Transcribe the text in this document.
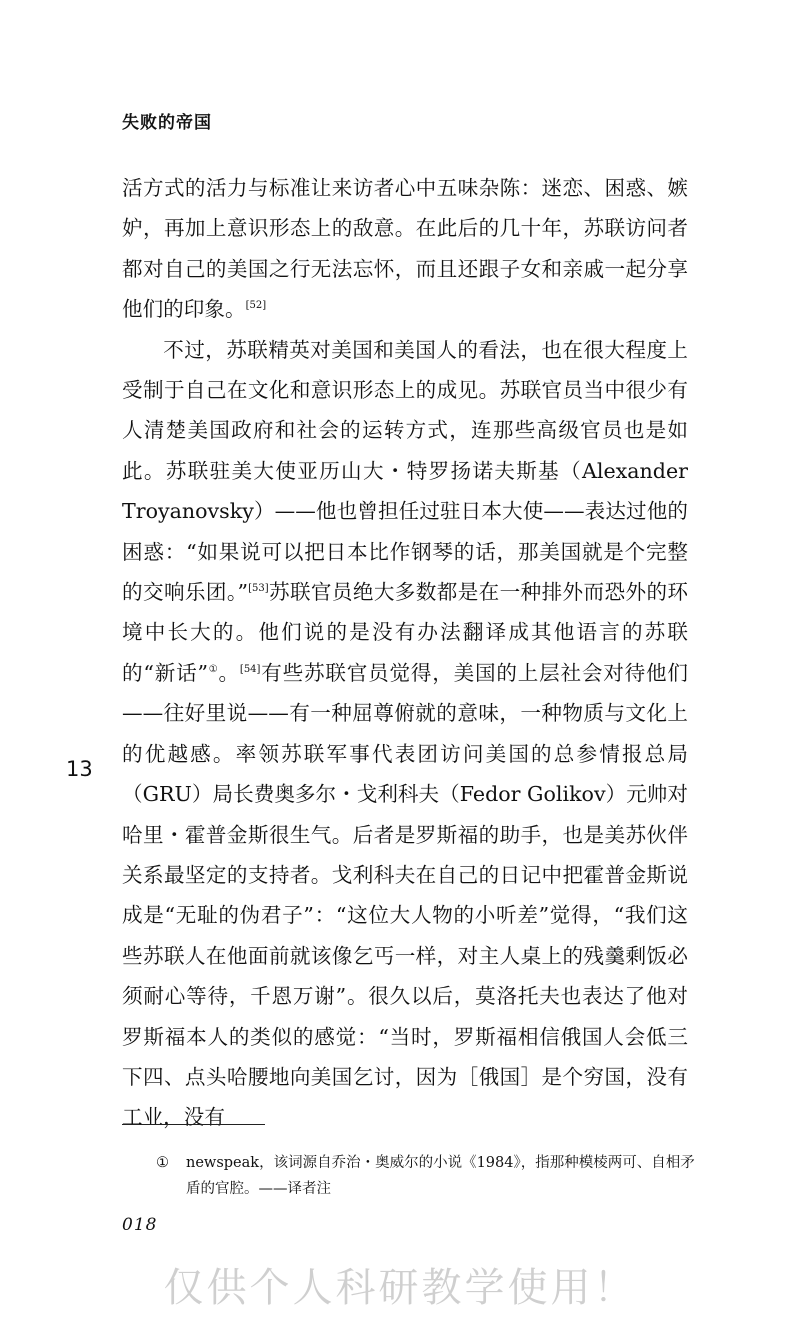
失败的帝国

活方式的活力与标准让来访者心中五味杂陈：迷恋、困惑、嫉妒，再加上意识形态上的敌意。在此后的几十年，苏联访问者都对自己的美国之行无法忘怀，而且还跟子女和亲戚一起分享他们的印象。[52]

不过，苏联精英对美国和美国人的看法，也在很大程度上受制于自己在文化和意识形态上的成见。苏联官员当中很少有人清楚美国政府和社会的运转方式，连那些高级官员也是如此。苏联驻美大使亚历山大・特罗扬诺夫斯基（Alexander Troyanovsky）——他也曾担任过驻日本大使——表达过他的困惑：“如果说可以把日本比作钢琴的话，那美国就是个完整的交响乐团。”[53]苏联官员绝大多数都是在一种排外而恐外的环境中长大的。他们说的是没有办法翻译成其他语言的苏联的“新话”①。[54]有些苏联官员觉得，美国的上层社会对待他们——往好里说——有一种屈尊俯就的意味，一种物质与文化上的优越感。率领苏联军事代表团访问美国的总参情报总局（GRU）局长费奥多尔・戈利科夫（Fedor Golikov）元帅对哈里・霍普金斯很生气。后者是罗斯福的助手，也是美苏伙伴关系最坚定的支持者。戈利科夫在自己的日记中把霍普金斯说成是“无耻的伪君子”：“这位大人物的小听差”觉得，“我们这些苏联人在他面前就该像乞丐一样，对主人桌上的残羹剩饭必须耐心等待，千恩万谢”。很久以后，莫洛托夫也表达了他对罗斯福本人的类似的感觉：“当时，罗斯福相信俄国人会低三下四、点头哈腰地向美国乞讨，因为［俄国］是个穷国，没有工业，没有

13
①	newspeak，该词源自乔治・奥威尔的小说《1984》，指那种模棱两可、自相矛盾的官腔。——译者注
018
仅供个人科研教学使用！
